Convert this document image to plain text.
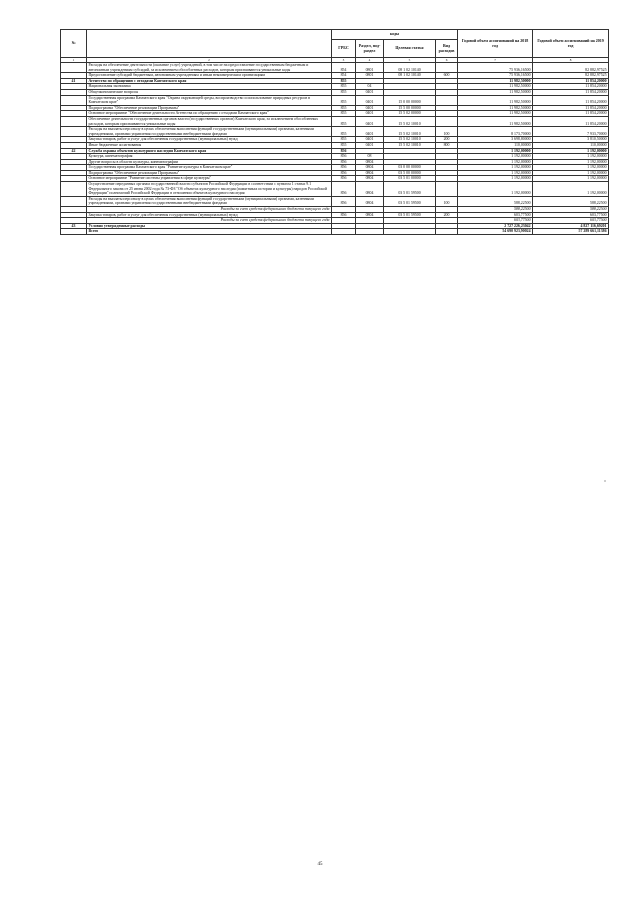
№		коды				Годовой объем ассигнований на 2018 год	Годовой объем ассигнований на 2019 год
		ГРБС	Раздел, под-раздел	Целевая статья	Вид расходов		
1	2	3	4	5	6	7	8
	Расходы на обеспечение деятельности (оказание услуг) учреждений, в том числе на предоставление государственным бюджетным и автономным учреждениям субсидий, за исключением обособленных расходов, которым присваиваются уникальные коды	854	0801	08 1 02 10140		75 936,16500	82 882,97525
	Предоставление субсидий бюджетным, автономным учреждениям и иным некоммерческим организациям	854	0801	08 1 02 10140	600	75 936,16500	82 882,97525
41	Агентство по обращению с отходами Камчатского края	855				11 982,50000	11 854,20000
	Национальная экономика	855	04			11 982,50000	11 854,20000
	Общеэкономические вопросы	855	0401			11 982,50000	11 854,20000
	Государственная программа Камчатского края "Охрана окружающей среды, воспроизводство и использование природных ресурсов в Камчатском крае"	855	0401	15 0 00 00000		11 982,50000	11 854,20000
	Подпрограмма "Обеспечение реализации Программы"	855	0401	15 5 00 00000		11 982,50000	11 854,20000
	Основное мероприятие "Обеспечение деятельности Агентства по обращению с отходами Камчатского края"	855	0401	15 5 02 00000		11 982,50000	11 854,20000
	Обеспечение деятельности государственных органов власти (государственных органов) Камчатского края, за исключением обособленных расходов, которым присваиваются уникальные коды	855	0401	15 5 02 10010		11 982,50000	11 854,20000
	Расходы на выплаты персоналу в целях обеспечения выполнения функций государственными (муниципальными) органами, казенными учреждениями, органами управления государственными внебюджетными фондами	855	0401	15 5 02 10010	100	8 173,70000	7 933,70000
	Закупка товаров, работ и услуг для обеспечения государственных (муниципальных) нужд	855	0401	15 5 02 10010	200	3 698,80000	3 810,50000
	Иные бюджетные ассигнования	855	0401	15 5 02 10010	800	110,00000	110,00000
42	Служба охраны объектов культурного наследия Камчатского края	856				1 192,00000	1 192,00000
	Культура, кинематография	856	08			1 192,00000	1 192,00000
	Другие вопросы в области культуры, кинематографии	856	0804			1 192,00000	1 192,00000
	Государственная программа Камчатского края "Развитие культуры в Камчатском крае"	856	0804	03 0 00 00000		1 192,00000	1 192,00000
	Подпрограмма "Обеспечение реализации Программы"	856	0804	03 5 00 00000		1 192,00000	1 192,00000
	Основное мероприятие "Развитие системы управления в сфере культуры"	856	0804	03 5 01 00000		1 192,00000	1 192,00000
	Осуществление переданных органам государственной власти субъектов Российской Федерации в соответствии с пунктом 1 статьи 9.1 Федерального закона от 25 июня 2002 года № 73-ФЗ "Об объектах культурного наследия (памятниках истории и культуры) народов Российской Федерации" полномочий Российской Федерации в отношении объектов культурного наследия	856	0804	03 5 01 59500		1 192,00000	1 192,00000
	Расходы на выплаты персоналу в целях обеспечения выполнения функций государственными (муниципальными) органами, казенными учреждениями, органами управления государственными внебюджетными фондами	856	0804	03 5 01 59500	100	588,22500	588,22500
	Расходы за счет средств федерального бюджета текущего года					588,22500	588,22500
	Закупка товаров, работ и услуг для обеспечения государственных (муниципальных) нужд	856	0804	03 5 01 59500	200	603,77500	603,77500
	Расходы за счет средств федерального бюджета текущего года					603,77500	603,77500
43	Условно утвержденные расходы					2 727 226,23042	4 827 116,69201
	Всего					54 690 923,90024	57 289 661,11386
"
45
